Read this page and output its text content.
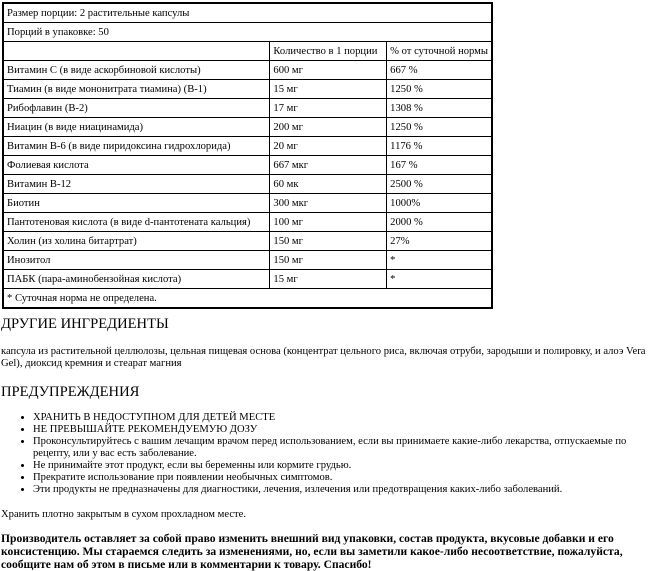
Размер порции: 2 растительные капсулы		
Порций в упаковке: 50		
	Количество в 1 порции	% от суточной нормы
Витамин С (в виде аскорбиновой кислоты)	600 мг	667 %
Тиамин (в виде мононитрата тиамина) (В-1)	15 мг	1250 %
Рибофлавин (В-2)	17 мг	1308 %
Ниацин (в виде ниацинамида)	200 мг	1250 %
Витамин В-6 (в виде пиридоксина гидрохлорида)	20 мг	1176 %
Фолиевая кислота	667 мкг	167 %
Витамин В-12	60 мк	2500 %
Биотин	300 мкг	1000%
Пантотеновая кислота (в виде d-пантотената кальция)	100 мг	2000 %
Холин (из холина битартрат)	150 мг	27%
Инозитол	150 мг	*
ПАБК (пара-аминобензойная кислота)	15 мг	*
* Суточная норма не определена.		
ДРУГИЕ ИНГРЕДИЕНТЫ

капсула из растительной целлюлозы, цельная пищевая основа (концентрат цельного риса, включая отруби, зародыши и полировку, и алоэ Vera Gel), диоксид кремния и стеарат магния

ПРЕДУПРЕЖДЕНИЯ
• ХРАНИТЬ В НЕДОСТУПНОМ ДЛЯ ДЕТЕЙ МЕСТЕ
• НЕ ПРЕВЫШАЙТЕ РЕКОМЕНДУЕМУЮ ДОЗУ
• Проконсультируйтесь с вашим лечащим врачом перед использованием, если вы принимаете какие-либо лекарства, отпускаемые по рецепту, или у вас есть заболевание.
• Не принимайте этот продукт, если вы беременны или кормите грудью.
• Прекратите использование при появлении необычных симптомов.
• Эти продукты не предназначены для диагностики, лечения, излечения или предотвращения каких-либо заболеваний.

Хранить плотно закрытым в сухом прохладном месте.

Производитель оставляет за собой право изменить внешний вид упаковки, состав продукта, вкусовые добавки и его консистенцию. Мы стараемся следить за изменениями, но, если вы заметили какое-либо несоответствие, пожалуйста, сообщите нам об этом в письме или в комментарии к товару. Спасибо!
